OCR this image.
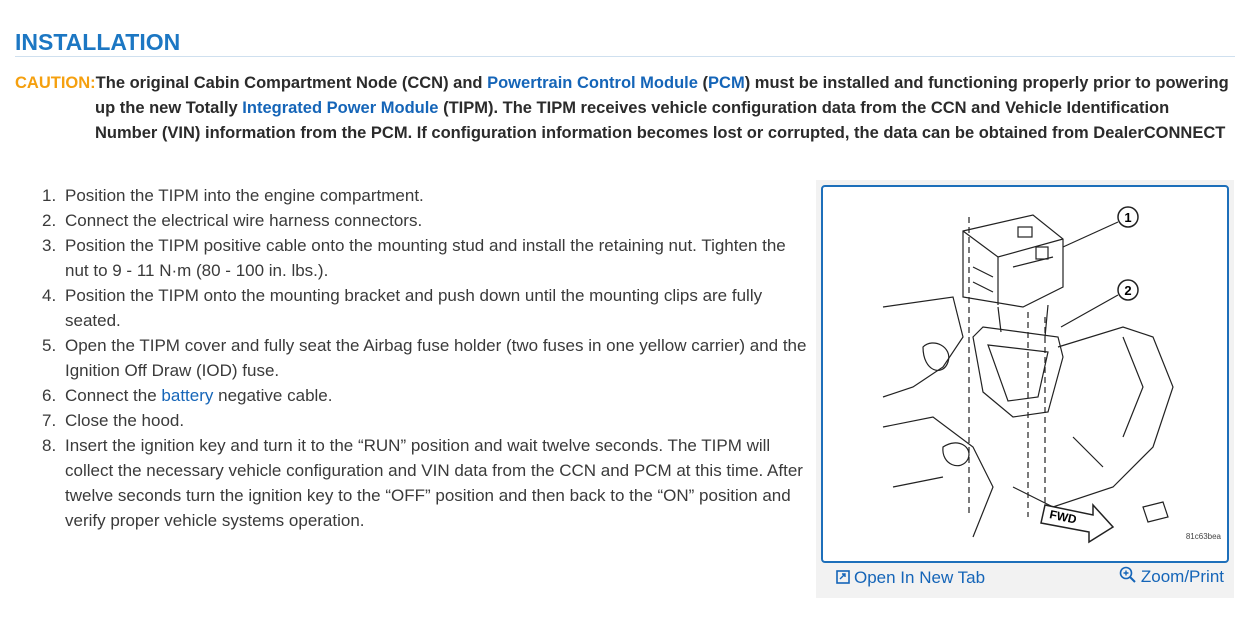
INSTALLATION
CAUTION:The original Cabin Compartment Node (CCN) and Powertrain Control Module (PCM) must be installed and functioning properly prior to powering
up the new Totally Integrated Power Module (TIPM). The TIPM receives vehicle configuration data from the CCN and Vehicle Identification
Number (VIN) information from the PCM. If configuration information becomes lost or corrupted, the data can be obtained from DealerCONNECT
1. Position the TIPM into the engine compartment.
2. Connect the electrical wire harness connectors.
3. Position the TIPM positive cable onto the mounting stud and install the retaining nut. Tighten the nut to 9 - 11 N·m (80 - 100 in. lbs.).
4. Position the TIPM onto the mounting bracket and push down until the mounting clips are fully seated.
5. Open the TIPM cover and fully seat the Airbag fuse holder (two fuses in one yellow carrier) and the Ignition Off Draw (IOD) fuse.
6. Connect the battery negative cable.
7. Close the hood.
8. Insert the ignition key and turn it to the “RUN” position and wait twelve seconds. The TIPM will collect the necessary vehicle configuration and VIN data from the CCN and PCM at this time. After twelve seconds turn the ignition key to the “OFF” position and then back to the “ON” position and verify proper vehicle systems operation.
1
2
FWD
81c63bea
Open In New Tab	Zoom/Print
